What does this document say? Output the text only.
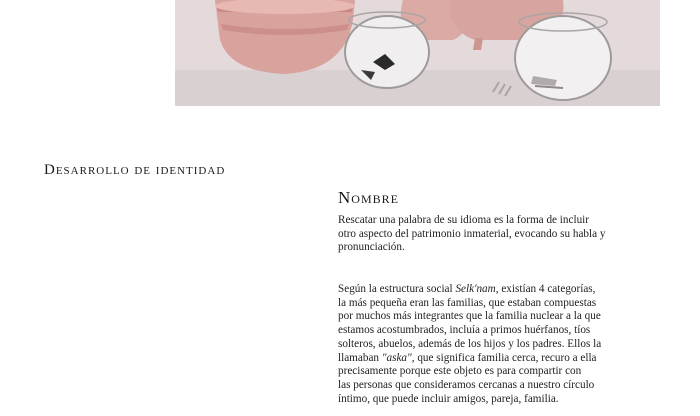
Desarrollo de identidad
Nombre

Rescatar una palabra de su idioma es la forma de incluir
otro aspecto del patrimonio inmaterial, evocando su habla y
pronunciación.

Según la estructura social Selk'nam, existían 4 categorías,
la más pequeña eran las familias, que estaban compuestas
por muchos más integrantes que la familia nuclear a la que
estamos acostumbrados, incluía a primos huérfanos, tíos
solteros, abuelos, además de los hijos y los padres. Ellos la
llamaban "aska", que significa familia cerca, recuro a ella
precisamente porque este objeto es para compartir con
las personas que consideramos cercanas a nuestro círculo
íntimo, que puede incluir amigos, pareja, familia.
